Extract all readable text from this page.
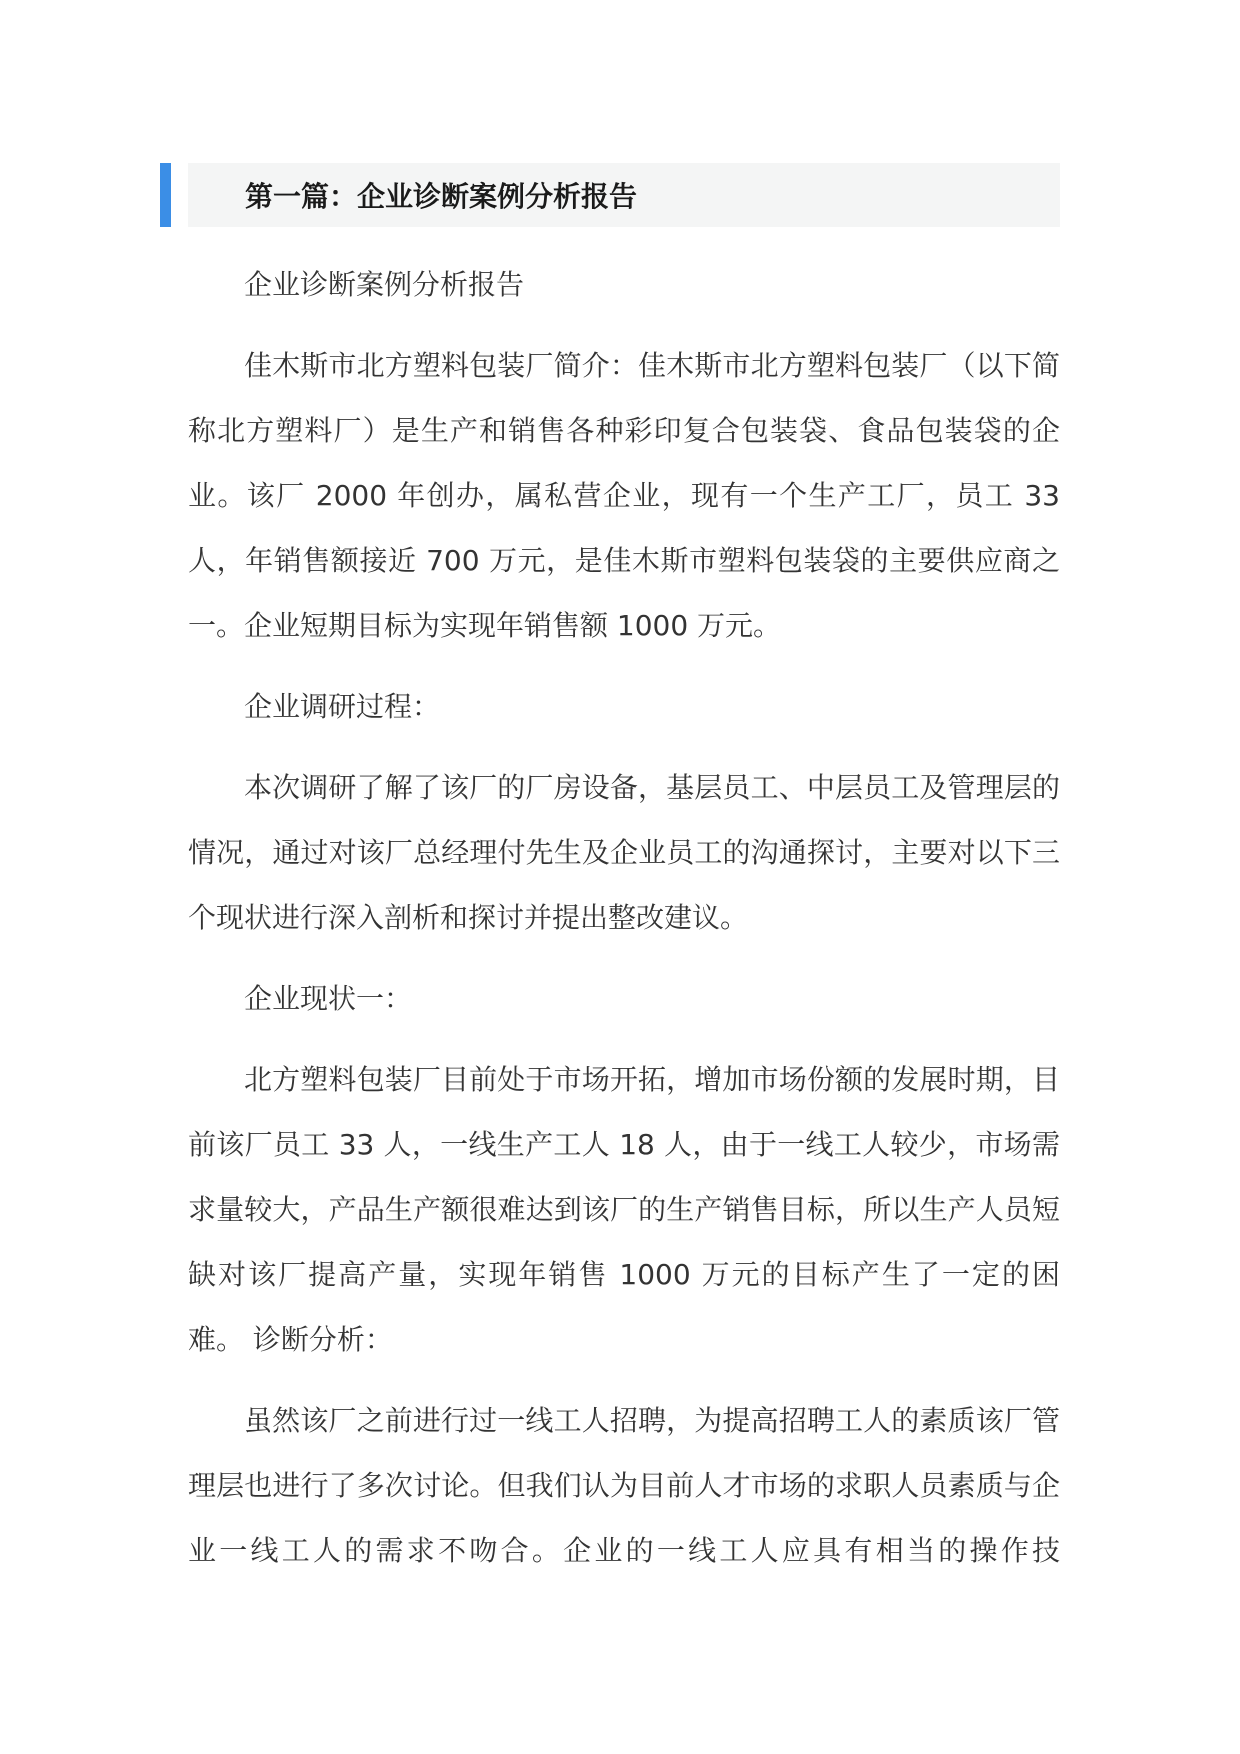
第一篇：企业诊断案例分析报告

企业诊断案例分析报告

佳木斯市北方塑料包装厂简介：佳木斯市北方塑料包装厂（以下简称北方塑料厂）是生产和销售各种彩印复合包装袋、食品包装袋的企业。该厂 2000 年创办，属私营企业，现有一个生产工厂，员工 33 人，年销售额接近 700 万元，是佳木斯市塑料包装袋的主要供应商之一。企业短期目标为实现年销售额 1000 万元。

企业调研过程：

本次调研了解了该厂的厂房设备，基层员工、中层员工及管理层的情况，通过对该厂总经理付先生及企业员工的沟通探讨，主要对以下三个现状进行深入剖析和探讨并提出整改建议。

企业现状一：

北方塑料包装厂目前处于市场开拓，增加市场份额的发展时期，目前该厂员工 33 人，一线生产工人 18 人，由于一线工人较少，市场需求量较大，产品生产额很难达到该厂的生产销售目标，所以生产人员短缺对该厂提高产量，实现年销售 1000 万元的目标产生了一定的困难。 诊断分析：

虽然该厂之前进行过一线工人招聘，为提高招聘工人的素质该厂管理层也进行了多次讨论。但我们认为目前人才市场的求职人员素质与企业一线工人的需求不吻合。企业的一线工人应具有相当的操作技
